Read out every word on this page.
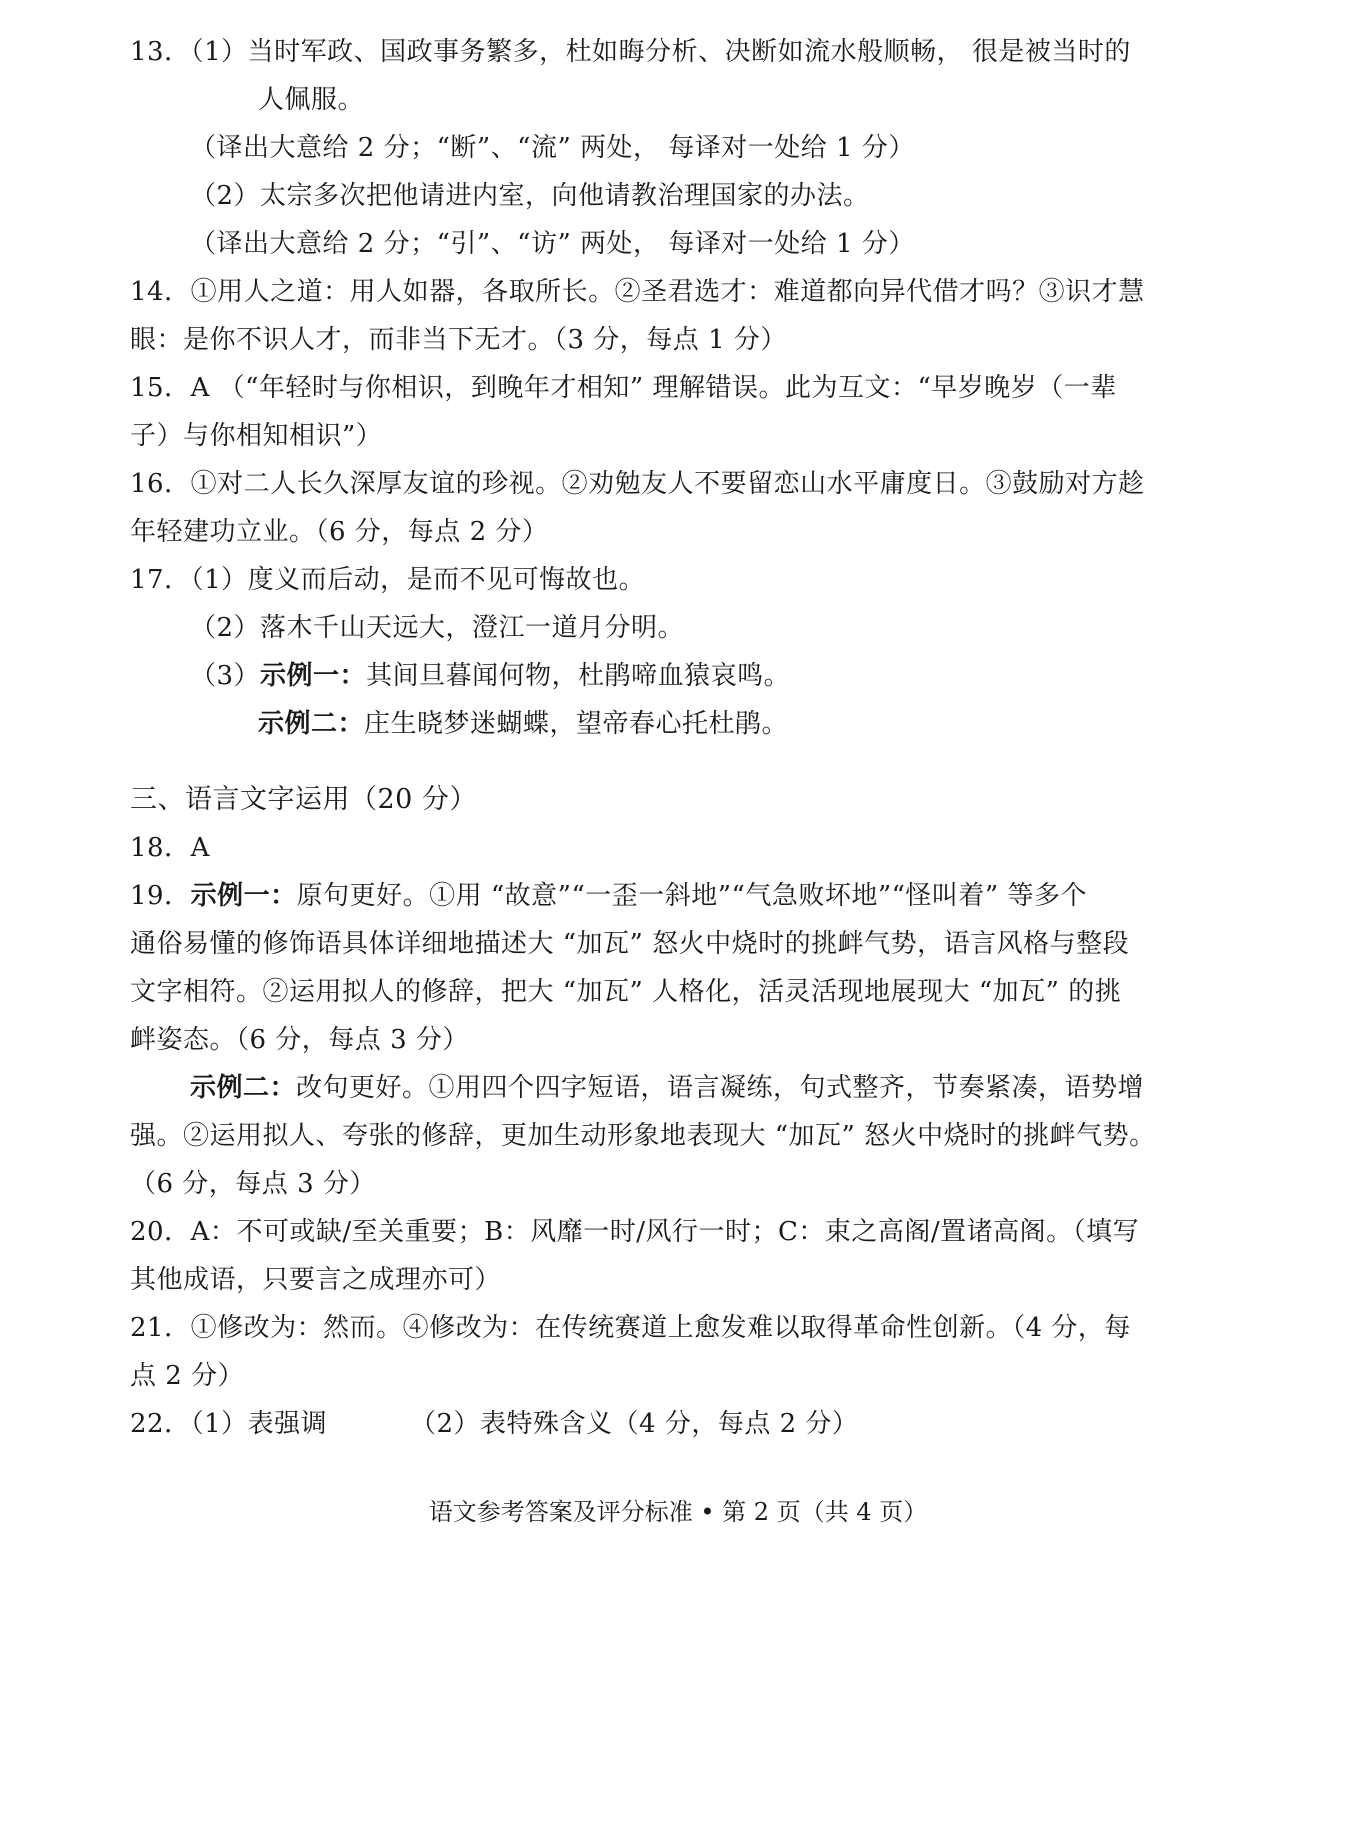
13．（1）当时军政、国政事务繁多，杜如晦分析、决断如流水般顺畅， 很是被当时的
人佩服。
（译出大意给 2 分；“断”、“流” 两处， 每译对一处给 1 分）
（2）太宗多次把他请进内室，向他请教治理国家的办法。
（译出大意给 2 分；“引”、“访” 两处， 每译对一处给 1 分）
14．①用人之道：用人如器，各取所长。②圣君选才：难道都向异代借才吗？③识才慧
眼：是你不识人才，而非当下无才。（3 分，每点 1 分）
15．A （“年轻时与你相识，到晚年才相知” 理解错误。此为互文：“早岁晚岁（一辈
子）与你相知相识”）
16．①对二人长久深厚友谊的珍视。②劝勉友人不要留恋山水平庸度日。③鼓励对方趁
年轻建功立业。（6 分，每点 2 分）
17．（1）度义而后动，是而不见可悔故也。
（2）落木千山天远大，澄江一道月分明。
（3）示例一：其间旦暮闻何物，杜鹃啼血猿哀鸣。
示例二：庄生晓梦迷蝴蝶，望帝春心托杜鹃。
三、语言文字运用（20 分）
18．A
19．示例一：原句更好。①用 “故意”“一歪一斜地”“气急败坏地”“怪叫着” 等多个
通俗易懂的修饰语具体详细地描述大 “加瓦” 怒火中烧时的挑衅气势，语言风格与整段
文字相符。②运用拟人的修辞，把大 “加瓦” 人格化，活灵活现地展现大 “加瓦” 的挑
衅姿态。（6 分，每点 3 分）
示例二：改句更好。①用四个四字短语，语言凝练，句式整齐，节奏紧凑，语势增
强。②运用拟人、夸张的修辞，更加生动形象地表现大 “加瓦” 怒火中烧时的挑衅气势。
（6 分，每点 3 分）
20．A：不可或缺/至关重要；B：风靡一时/风行一时；C：束之高阁/置诸高阁。（填写
其他成语，只要言之成理亦可）
21．①修改为：然而。④修改为：在传统赛道上愈发难以取得革命性创新。（4 分，每
点 2 分）
22．（1）表强调	（2）表特殊含义（4 分，每点 2 分）
语文参考答案及评分标准 • 第 2 页（共 4 页）
